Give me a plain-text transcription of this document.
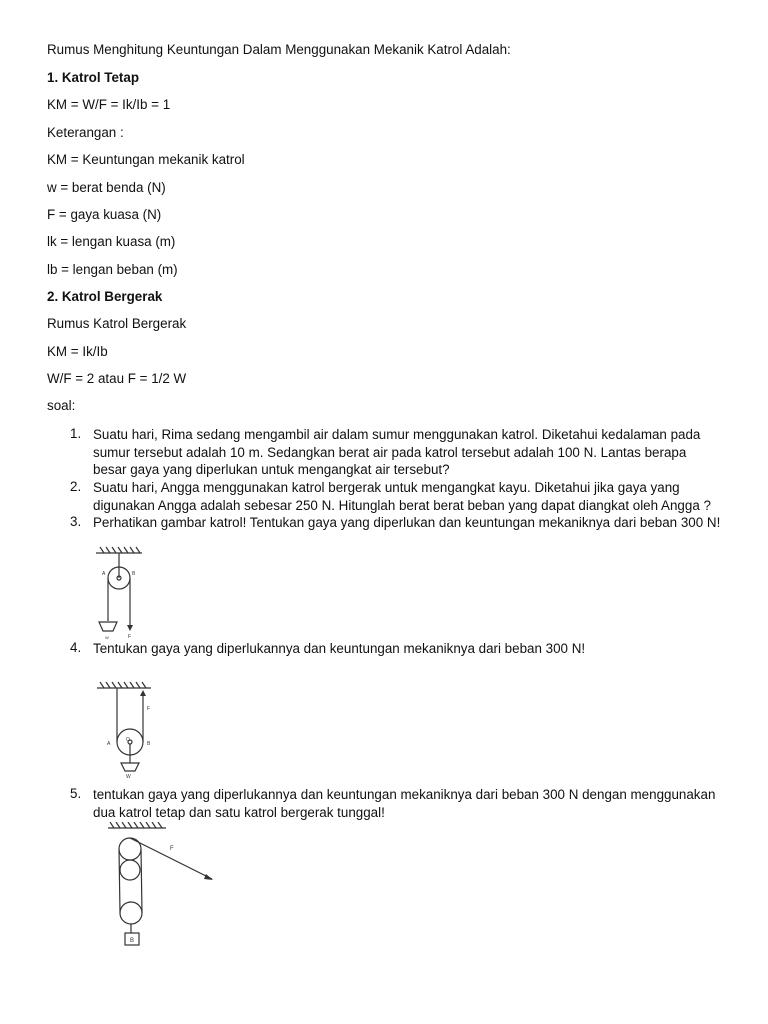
Rumus Menghitung Keuntungan Dalam Menggunakan Mekanik Katrol Adalah:
1. Katrol Tetap
KM = W/F = Ik/Ib = 1
Keterangan :
KM = Keuntungan mekanik katrol
w = berat benda (N)
F = gaya kuasa (N)
lk = lengan kuasa (m)
lb = lengan beban (m)
2. Katrol Bergerak
Rumus Katrol Bergerak
KM = Ik/Ib
W/F = 2 atau F = 1/2 W
soal:
1. Suatu hari, Rima sedang mengambil air dalam sumur menggunakan katrol. Diketahui kedalaman pada sumur tersebut adalah 10 m. Sedangkan berat air pada katrol tersebut adalah 100 N. Lantas berapa besar gaya yang diperlukan untuk mengangkat air tersebut?
2. Suatu hari, Angga menggunakan katrol bergerak untuk mengangkat kayu. Diketahui jika gaya yang digunakan Angga adalah sebesar 250 N. Hitunglah berat berat beban yang dapat diangkat oleh Angga ?
3. Perhatikan gambar katrol! Tentukan gaya yang diperlukan dan keuntungan mekaniknya dari beban 300 N!
A	B
F
W
4. Tentukan gaya yang diperlukannya dan keuntungan mekaniknya dari beban 300 N!
F
A
O
B
W
5. tentukan gaya yang diperlukannya dan keuntungan mekaniknya dari beban 300 N dengan menggunakan dua katrol tetap dan satu katrol bergerak tunggal!
F
B
